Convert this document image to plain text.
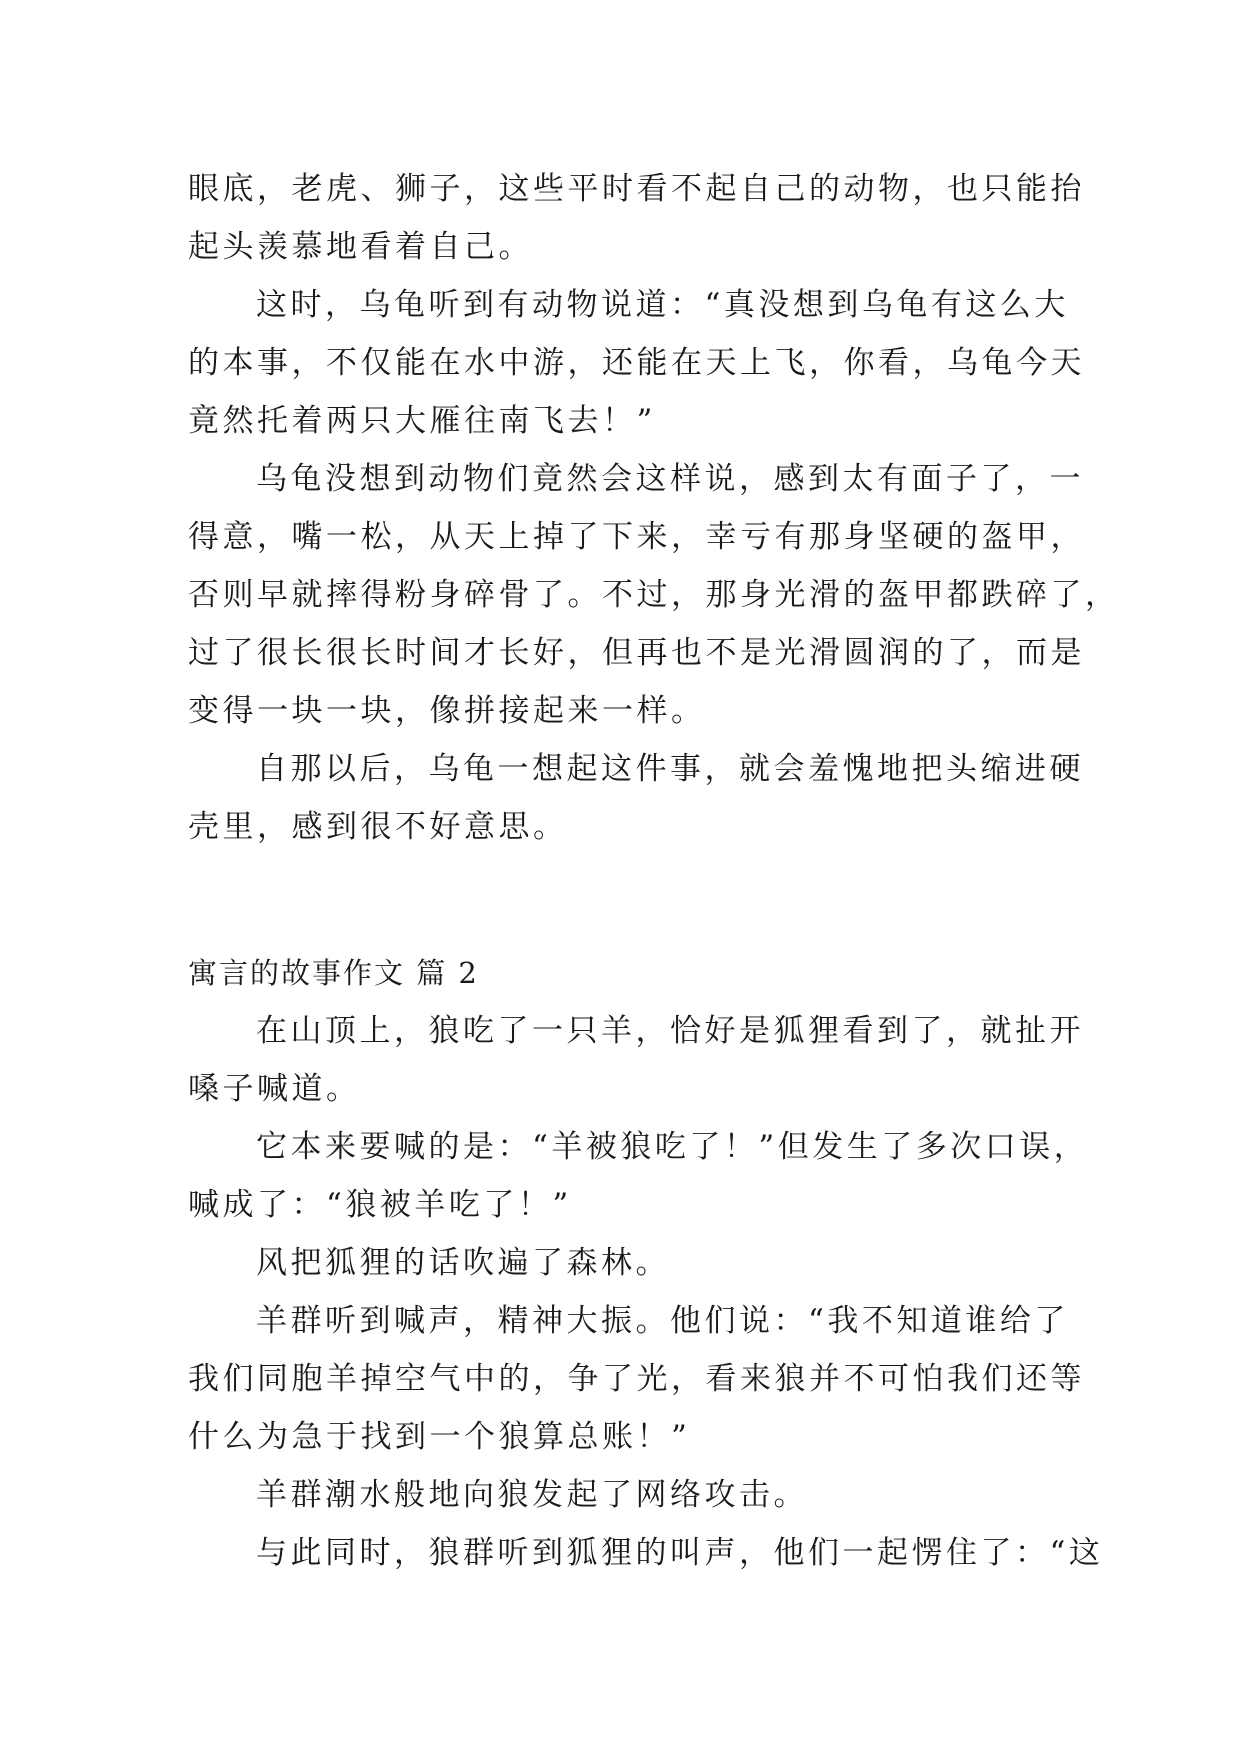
眼底，老虎、狮子，这些平时看不起自己的动物，也只能抬
起头羡慕地看着自己。
这时，乌龟听到有动物说道：“真没想到乌龟有这么大
的本事，不仅能在水中游，还能在天上飞，你看，乌龟今天
竟然托着两只大雁往南飞去！”
乌龟没想到动物们竟然会这样说，感到太有面子了，一
得意，嘴一松，从天上掉了下来，幸亏有那身坚硬的盔甲，
否则早就摔得粉身碎骨了。不过，那身光滑的盔甲都跌碎了，
过了很长很长时间才长好，但再也不是光滑圆润的了，而是
变得一块一块，像拼接起来一样。
自那以后，乌龟一想起这件事，就会羞愧地把头缩进硬
壳里，感到很不好意思。
寓言的故事作文 篇 2
在山顶上，狼吃了一只羊，恰好是狐狸看到了，就扯开
嗓子喊道。
它本来要喊的是：“羊被狼吃了！”但发生了多次口误，
喊成了：“狼被羊吃了！”
风把狐狸的话吹遍了森林。
羊群听到喊声，精神大振。他们说：“我不知道谁给了
我们同胞羊掉空气中的，争了光，看来狼并不可怕我们还等
什么为急于找到一个狼算总账！”
羊群潮水般地向狼发起了网络攻击。
与此同时，狼群听到狐狸的叫声，他们一起愣住了：“这
